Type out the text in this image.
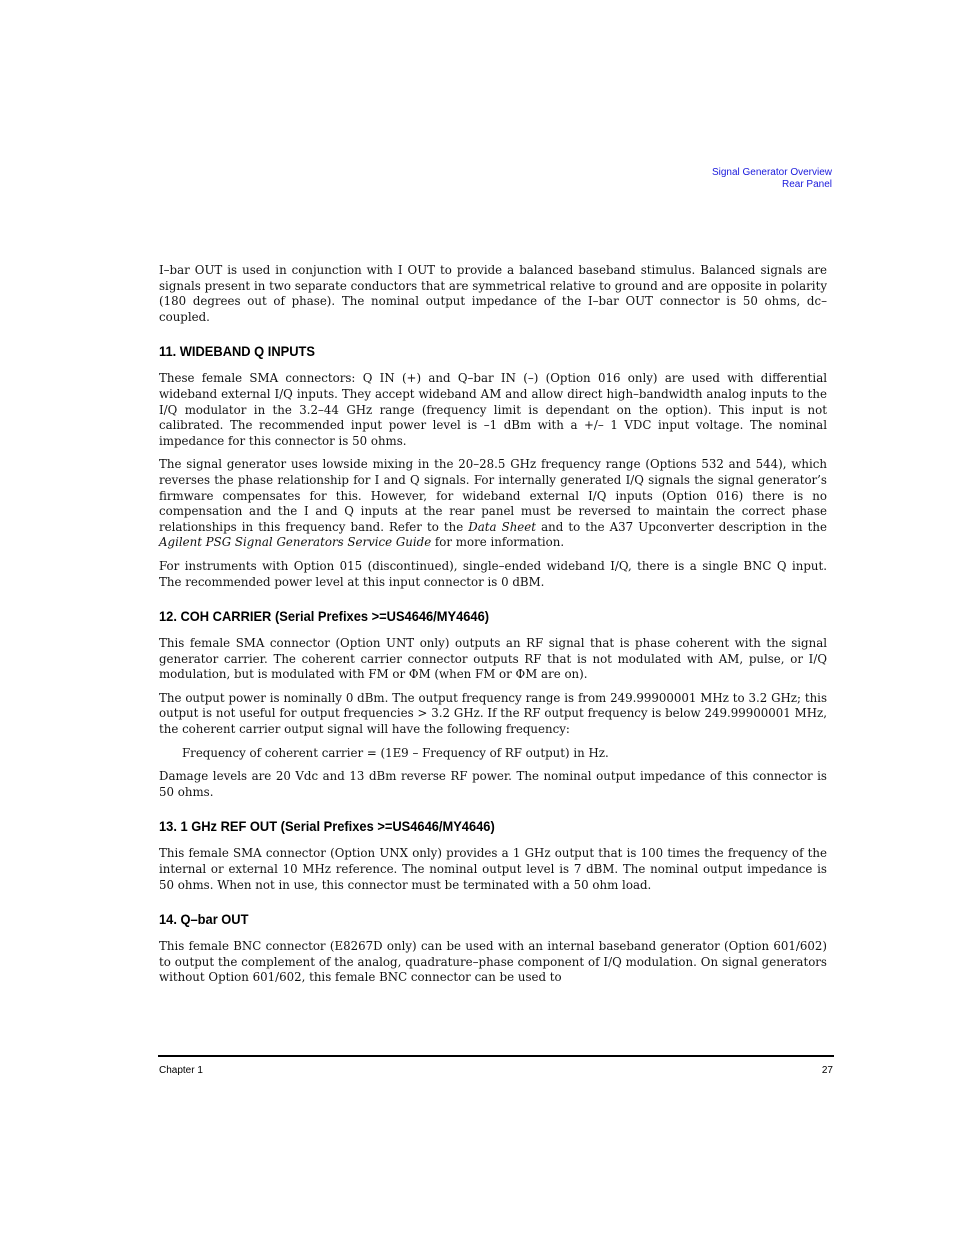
Signal Generator Overview
Rear Panel

I–bar OUT is used in conjunction with I OUT to provide a balanced baseband stimulus. Balanced signals are signals present in two separate conductors that are symmetrical relative to ground and are opposite in polarity (180 degrees out of phase). The nominal output impedance of the I–bar OUT connector is 50 ohms, dc–coupled.

11. WIDEBAND Q INPUTS

These female SMA connectors: Q IN (+) and Q–bar IN (–) (Option 016 only) are used with differential wideband external I/Q inputs. They accept wideband AM and allow direct high–bandwidth analog inputs to the I/Q modulator in the 3.2–44 GHz range (frequency limit is dependant on the option). This input is not calibrated. The recommended input power level is –1 dBm with a +/– 1 VDC input voltage. The nominal impedance for this connector is 50 ohms.

The signal generator uses lowside mixing in the 20–28.5 GHz frequency range (Options 532 and 544), which reverses the phase relationship for I and Q signals. For internally generated I/Q signals the signal generator’s firmware compensates for this. However, for wideband external I/Q inputs (Option 016) there is no compensation and the I and Q inputs at the rear panel must be reversed to maintain the correct phase relationships in this frequency band. Refer to the Data Sheet and to the A37 Upconverter description in the Agilent PSG Signal Generators Service Guide for more information.

For instruments with Option 015 (discontinued), single–ended wideband I/Q, there is a single BNC Q input. The recommended power level at this input connector is 0 dBM.

12. COH CARRIER (Serial Prefixes >=US4646/MY4646)

This female SMA connector (Option UNT only) outputs an RF signal that is phase coherent with the signal generator carrier. The coherent carrier connector outputs RF that is not modulated with AM, pulse, or I/Q modulation, but is modulated with FM or ΦM (when FM or ΦM are on).

The output power is nominally 0 dBm. The output frequency range is from 249.99900001 MHz to 3.2 GHz; this output is not useful for output frequencies > 3.2 GHz. If the RF output frequency is below 249.99900001 MHz, the coherent carrier output signal will have the following frequency:

Frequency of coherent carrier = (1E9 – Frequency of RF output) in Hz.

Damage levels are 20 Vdc and 13 dBm reverse RF power. The nominal output impedance of this connector is 50 ohms.

13. 1 GHz REF OUT (Serial Prefixes >=US4646/MY4646)

This female SMA connector (Option UNX only) provides a 1 GHz output that is 100 times the frequency of the internal or external 10 MHz reference. The nominal output level is 7 dBM. The nominal output impedance is 50 ohms. When not in use, this connector must be terminated with a 50 ohm load.

14. Q–bar OUT

This female BNC connector (E8267D only) can be used with an internal baseband generator (Option 601/602) to output the complement of the analog, quadrature–phase component of I/Q modulation. On signal generators without Option 601/602, this female BNC connector can be used to

Chapter 1	27
